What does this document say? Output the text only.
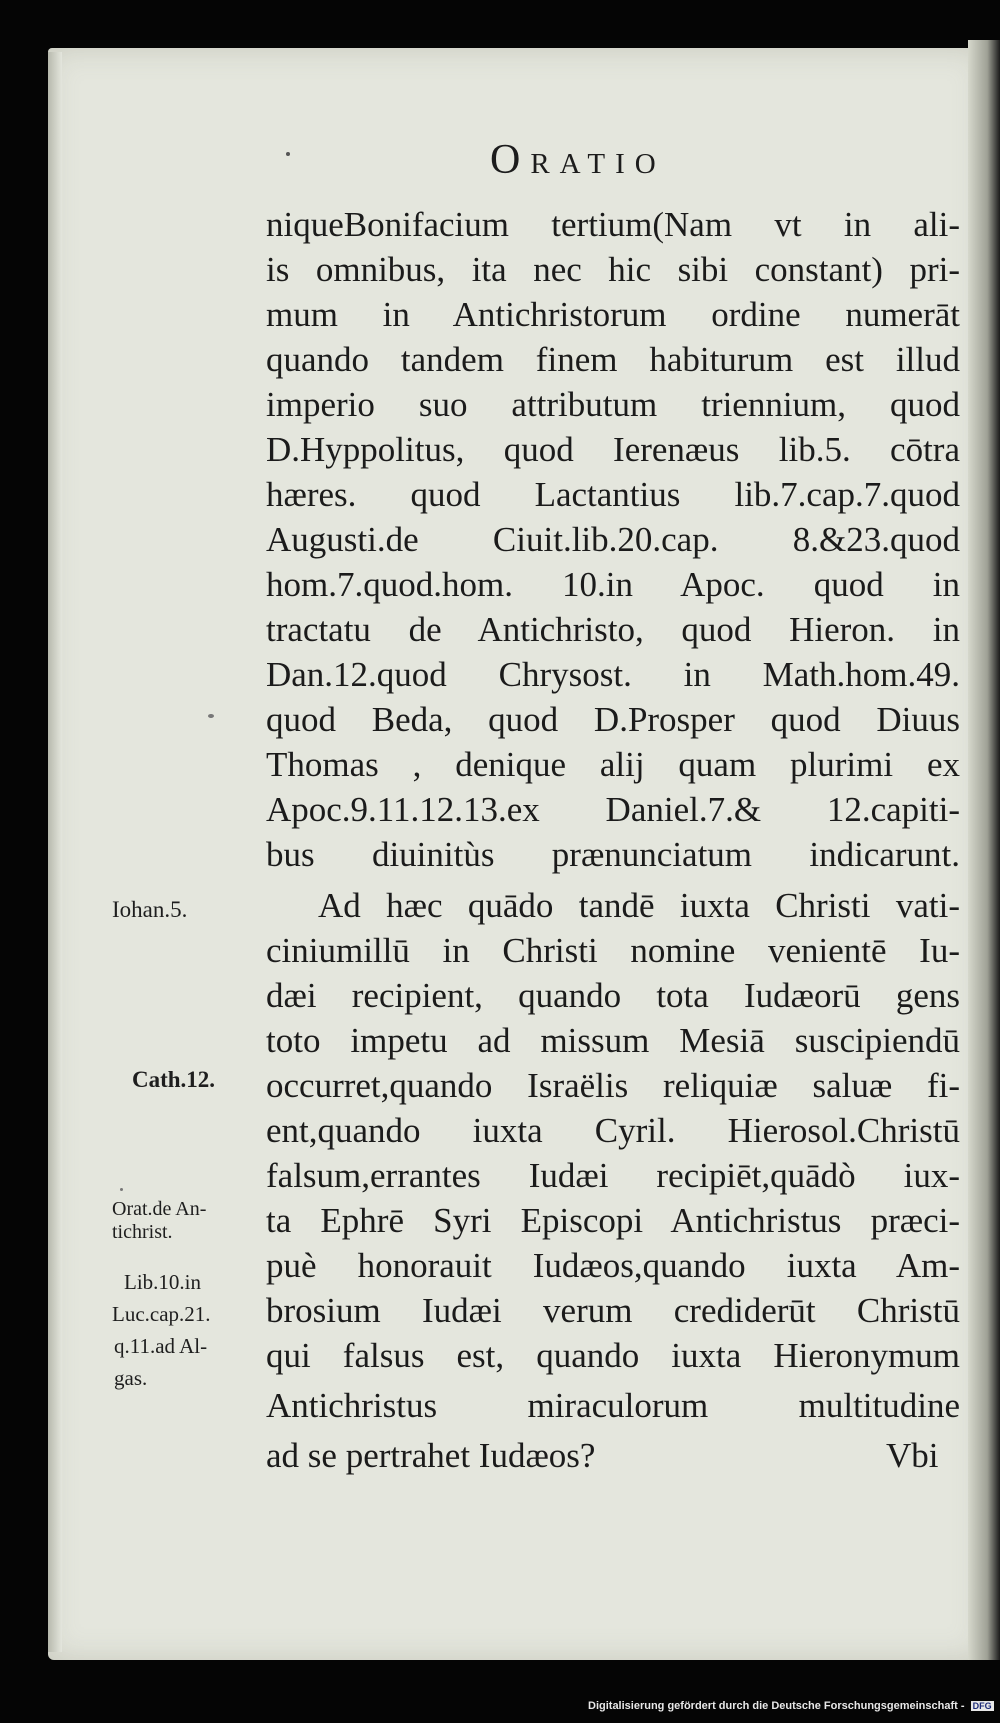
Oratio
niqueBonifacium tertium(Nam vt in ali-
is omnibus, ita nec hic sibi constant) pri-
mum in Antichristorum ordine numerāt
quando tandem finem habiturum est illud
imperio suo attributum triennium, quod
D.Hyppolitus, quod Ierenæus lib.5. cōtra
hæres. quod Lactantius lib.7.cap.7.quod
Augusti.de Ciuit.lib.20.cap. 8.&23.quod
hom.7.quod.hom. 10.in Apoc. quod in
tractatu de Antichristo, quod Hieron. in
Dan.12.quod Chrysost. in Math.hom.49.
quod Beda, quod D.Prosper quod Diuus
Thomas , denique alij quam plurimi ex
Apoc.9.11.12.13.ex Daniel.7.& 12.capiti-
bus diuinitùs prænunciatum indicarunt.
Ad hæc quādo tandē iuxta Christi vati-
ciniumillū in Christi nomine venientē Iu-
dæi recipient, quando tota Iudæorū gens
toto impetu ad missum Mesiā suscipiendū
occurret,quando Israëlis reliquiæ saluæ fi-
ent,quando iuxta Cyril. Hierosol.Christū
falsum,errantes Iudæi recipiēt,quādò iux-
ta Ephrē Syri Episcopi Antichristus præci-
puè honorauit Iudæos,quando iuxta Am-
brosium Iudæi verum crediderūt Christū
qui falsus est, quando iuxta Hieronymum
Antichristus miraculorum multitudine
ad se pertrahet Iudæos?	Vbi
Iohan.5.
Cath.12.
Orat.de An-
tichrist.
Lib.10.in
Luc.cap.21.
q.11.ad Al-
gas.
Digitalisierung gefördert durch die Deutsche Forschungsgemeinschaft - DFG
